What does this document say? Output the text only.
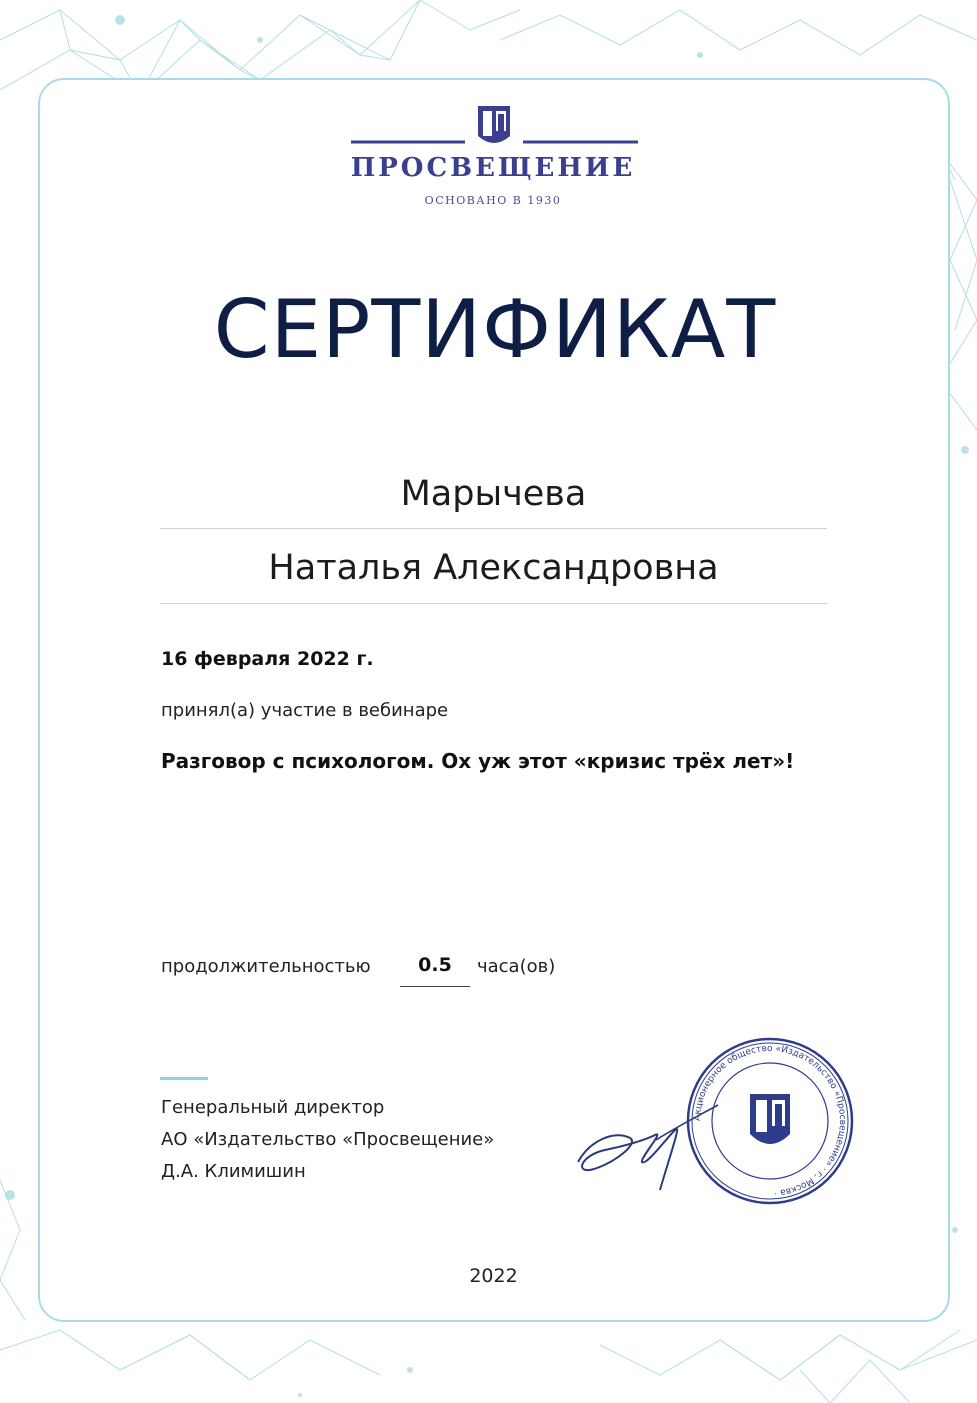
ПРОСВЕЩЕНИЕ
ОСНОВАНО В 1930
СЕРТИФИКАТ
Марычева
Наталья Александровна
16 февраля 2022 г.
принял(а) участие в вебинаре
Разговор с психологом. Ох уж этот «кризис трёх лет»!
продолжительностью	0.5	часа(ов)
Генеральный директор
АО «Издательство «Просвещение»
Д.А. Климишин
Акционерное общество «Издательство «Просвещение» · г. Москва ·
2022
